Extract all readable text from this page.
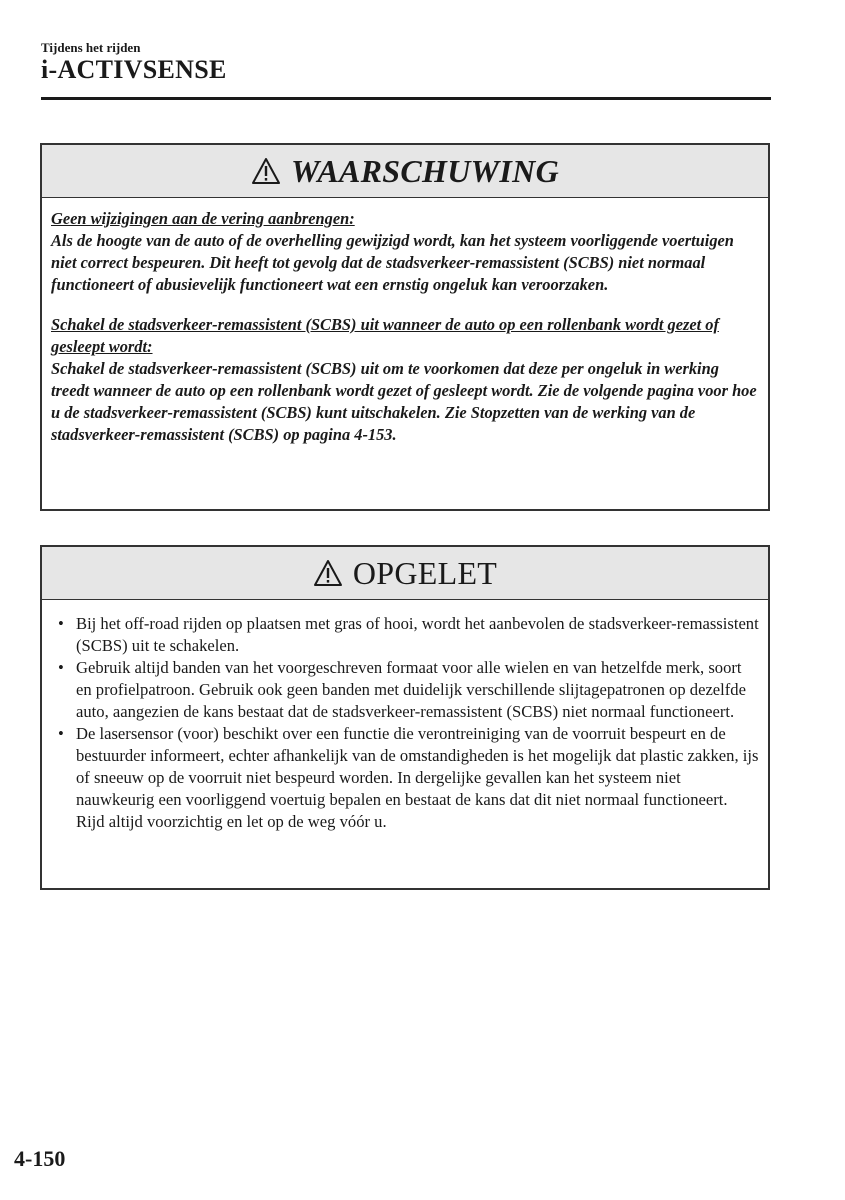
Tijdens het rijden
i-ACTIVSENSE
WAARSCHUWING

Geen wijzigingen aan de vering aanbrengen:
Als de hoogte van de auto of de overhelling gewijzigd wordt, kan het systeem voorliggende voertuigen niet correct bespeuren. Dit heeft tot gevolg dat de stadsverkeer-remassistent (SCBS) niet normaal functioneert of abusievelijk functioneert wat een ernstig ongeluk kan veroorzaken.

Schakel de stadsverkeer-remassistent (SCBS) uit wanneer de auto op een rollenbank wordt gezet of gesleept wordt:
Schakel de stadsverkeer-remassistent (SCBS) uit om te voorkomen dat deze per ongeluk in werking treedt wanneer de auto op een rollenbank wordt gezet of gesleept wordt. Zie de volgende pagina voor hoe u de stadsverkeer-remassistent (SCBS) kunt uitschakelen. Zie Stopzetten van de werking van de stadsverkeer-remassistent (SCBS) op pagina 4-153.

OPGELET
• Bij het off-road rijden op plaatsen met gras of hooi, wordt het aanbevolen de stadsverkeer-remassistent (SCBS) uit te schakelen.
• Gebruik altijd banden van het voorgeschreven formaat voor alle wielen en van hetzelfde merk, soort en profielpatroon. Gebruik ook geen banden met duidelijk verschillende slijtagepatronen op dezelfde auto, aangezien de kans bestaat dat de stadsverkeer-remassistent (SCBS) niet normaal functioneert.
• De lasersensor (voor) beschikt over een functie die verontreiniging van de voorruit bespeurt en de bestuurder informeert, echter afhankelijk van de omstandigheden is het mogelijk dat plastic zakken, ijs of sneeuw op de voorruit niet bespeurd worden. In dergelijke gevallen kan het systeem niet nauwkeurig een voorliggend voertuig bepalen en bestaat de kans dat dit niet normaal functioneert. Rijd altijd voorzichtig en let op de weg vóór u.
4-150
